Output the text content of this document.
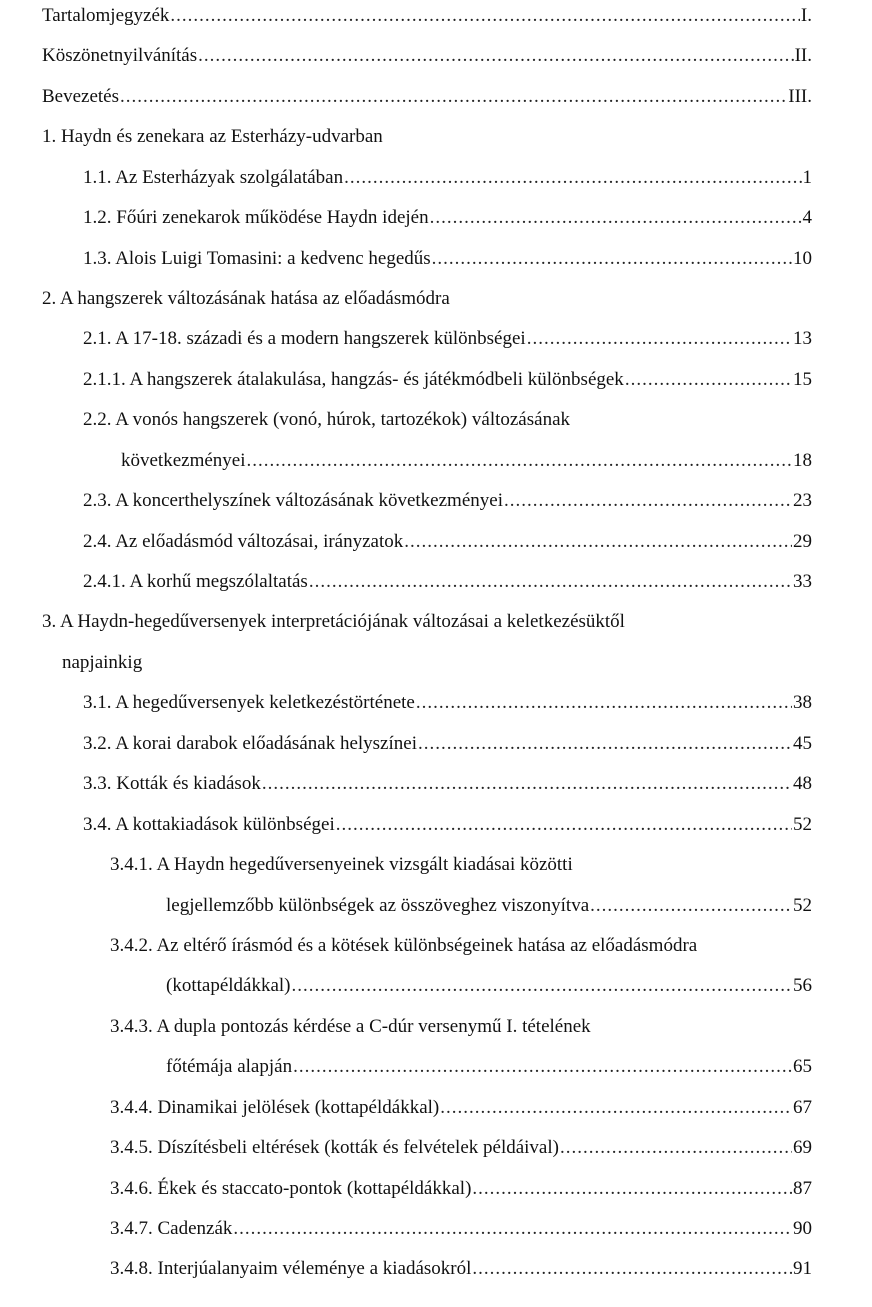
Tartalomjegyzék .....	I.
Köszönetnyilvánítás .....	II.
Bevezetés .....	III.
1. Haydn és zenekara az Esterházy-udvarban
1.1. Az Esterházyak szolgálatában .....	1
1.2. Főúri zenekarok működése Haydn idején .....	4
1.3. Alois Luigi Tomasini: a kedvenc hegedűs .....	10
2. A hangszerek változásának hatása az előadásmódra
2.1. A 17-18. századi és a modern hangszerek különbségei .....	13
2.1.1. A hangszerek átalakulása, hangzás- és játékmódbeli különbségek .....	15
2.2. A vonós hangszerek (vonó, húrok, tartozékok) változásának
következményei .....	18
2.3. A koncerthelyszínek változásának következményei .....	23
2.4. Az előadásmód változásai, irányzatok .....	29
2.4.1. A korhű megszólaltatás .....	33
3. A Haydn-hegedűversenyek interpretációjának változásai a keletkezésüktől
napjainkig
3.1. A hegedűversenyek keletkezéstörténete .....	38
3.2. A korai darabok előadásának helyszínei .....	45
3.3. Kották és kiadások .....	48
3.4. A kottakiadások különbségei .....	52
3.4.1. A Haydn hegedűversenyeinek vizsgált kiadásai közötti
legjellemzőbb különbségek az összöveghez viszonyítva .....	52
3.4.2. Az eltérő írásmód és a kötések különbségeinek hatása az előadásmódra
(kottapéldákkal) .....	56
3.4.3. A dupla pontozás kérdése a C-dúr versenymű I. tételének
főtémája alapján .....	65
3.4.4. Dinamikai jelölések (kottapéldákkal) .....	67
3.4.5. Díszítésbeli eltérések (kották és felvételek példáival) .....	69
3.4.6. Ékek és staccato-pontok (kottapéldákkal) .....	87
3.4.7. Cadenzák .....	90
3.4.8. Interjúalanyaim véleménye a kiadásokról .....	91
